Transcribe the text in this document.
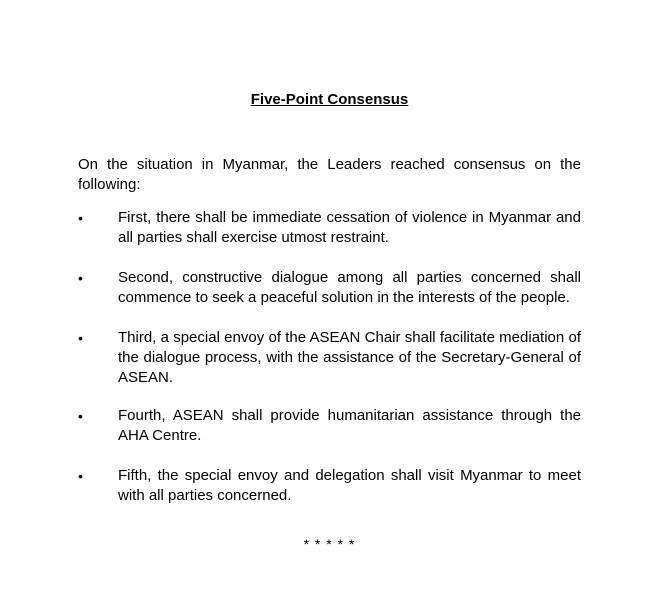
Five-Point Consensus
On the situation in Myanmar, the Leaders reached consensus on the following:
•	First, there shall be immediate cessation of violence in Myanmar and all parties shall exercise utmost restraint.
•	Second, constructive dialogue among all parties concerned shall commence to seek a peaceful solution in the interests of the people.
•	Third, a special envoy of the ASEAN Chair shall facilitate mediation of the dialogue process, with the assistance of the Secretary-General of ASEAN.
•	Fourth, ASEAN shall provide humanitarian assistance through the AHA Centre.
•	Fifth, the special envoy and delegation shall visit Myanmar to meet with all parties concerned.
* * * * *
